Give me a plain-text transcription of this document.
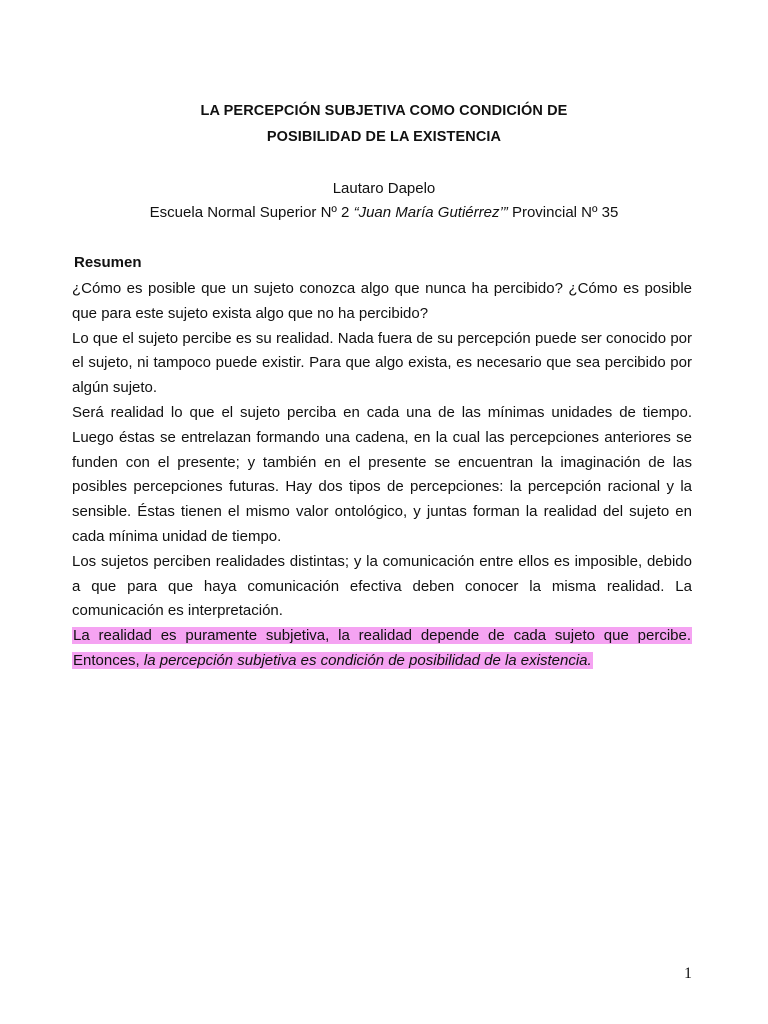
LA PERCEPCIÓN SUBJETIVA COMO CONDICIÓN DE
POSIBILIDAD DE LA EXISTENCIA
Lautaro Dapelo
Escuela Normal Superior Nº 2 “Juan María Gutiérrez’” Provincial Nº 35
Resumen

¿Cómo es posible que un sujeto conozca algo que nunca ha percibido? ¿Cómo es posible que para este sujeto exista algo que no ha percibido?

Lo que el sujeto percibe es su realidad. Nada fuera de su percepción puede ser conocido por el sujeto, ni tampoco puede existir. Para que algo exista, es necesario que sea percibido por algún sujeto.

Será realidad lo que el sujeto perciba en cada una de las mínimas unidades de tiempo. Luego éstas se entrelazan formando una cadena, en la cual las percepciones anteriores se funden con el presente; y también en el presente se encuentran la imaginación de las posibles percepciones futuras. Hay dos tipos de percepciones: la percepción racional y la sensible. Éstas tienen el mismo valor ontológico, y juntas forman la realidad del sujeto en cada mínima unidad de tiempo.

Los sujetos perciben realidades distintas; y la comunicación entre ellos es imposible, debido a que para que haya comunicación efectiva deben conocer la misma realidad. La comunicación es interpretación.

La realidad es puramente subjetiva, la realidad depende de cada sujeto que percibe. Entonces, la percepción subjetiva es condición de posibilidad de la existencia.

1
